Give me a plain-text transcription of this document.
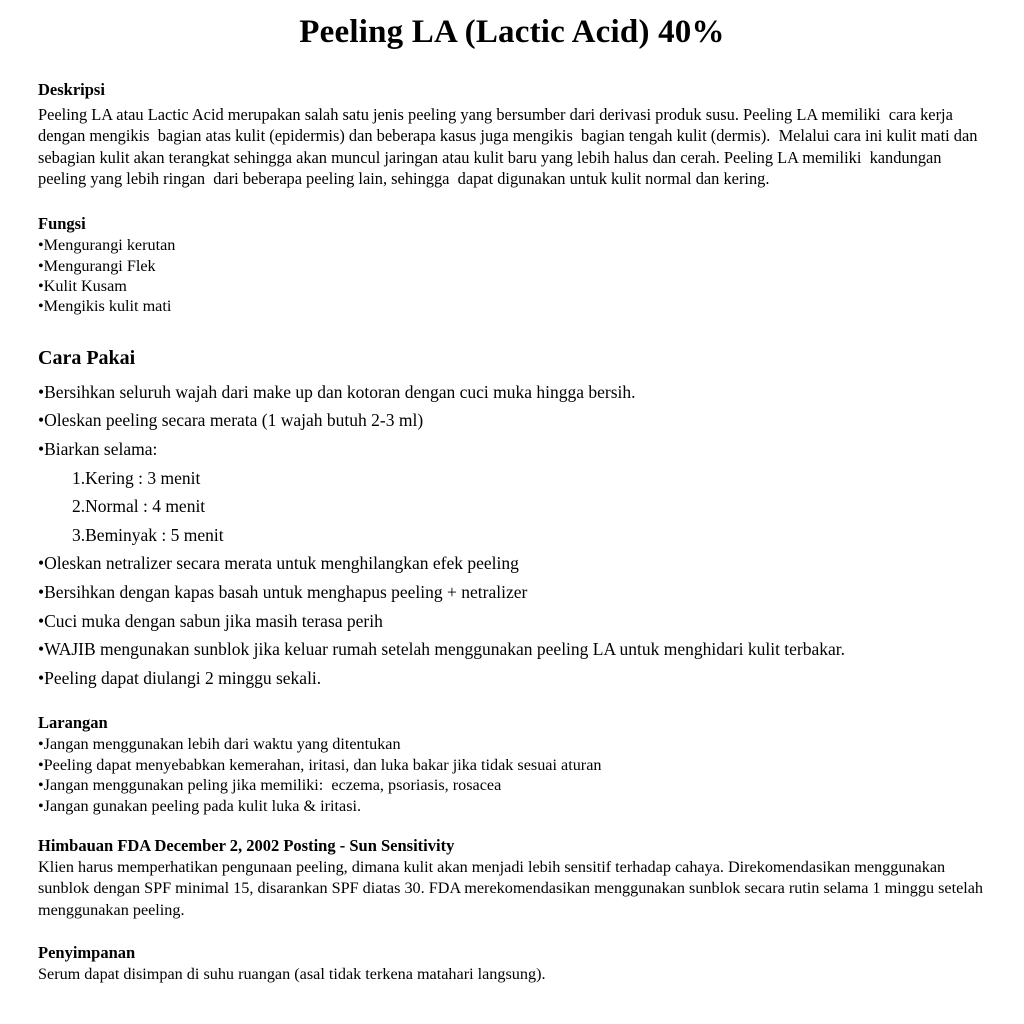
Peeling LA (Lactic Acid) 40%
Deskripsi

Peeling LA atau Lactic Acid merupakan salah satu jenis peeling yang bersumber dari derivasi produk susu. Peeling LA memiliki  cara kerja dengan mengikis  bagian atas kulit (epidermis) dan beberapa kasus juga mengikis  bagian tengah kulit (dermis).  Melalui cara ini kulit mati dan sebagian kulit akan terangkat sehingga akan muncul jaringan atau kulit baru yang lebih halus dan cerah. Peeling LA memiliki  kandungan peeling yang lebih ringan  dari beberapa peeling lain, sehingga  dapat digunakan untuk kulit normal dan kering.

Fungsi
•Mengurangi kerutan
•Mengurangi Flek
•Kulit Kusam
•Mengikis kulit mati
Cara Pakai
•Bersihkan seluruh wajah dari make up dan kotoran dengan cuci muka hingga bersih.
•Oleskan peeling secara merata (1 wajah butuh 2-3 ml)
•Biarkan selama:
1.Kering : 3 menit
2.Normal : 4 menit
3.Beminyak : 5 menit
•Oleskan netralizer secara merata untuk menghilangkan efek peeling
•Bersihkan dengan kapas basah untuk menghapus peeling + netralizer
•Cuci muka dengan sabun jika masih terasa perih
•WAJIB mengunakan sunblok jika keluar rumah setelah menggunakan peeling LA untuk menghidari kulit terbakar.
•Peeling dapat diulangi 2 minggu sekali.
Larangan
•Jangan menggunakan lebih dari waktu yang ditentukan
•Peeling dapat menyebabkan kemerahan, iritasi, dan luka bakar jika tidak sesuai aturan
•Jangan menggunakan peling jika memiliki:  eczema, psoriasis, rosacea
•Jangan gunakan peeling pada kulit luka & iritasi.
Himbauan FDA December 2, 2002 Posting - Sun Sensitivity

Klien harus memperhatikan pengunaan peeling, dimana kulit akan menjadi lebih sensitif terhadap cahaya. Direkomendasikan menggunakan sunblok dengan SPF minimal 15, disarankan SPF diatas 30. FDA merekomendasikan menggunakan sunblok secara rutin selama 1 minggu setelah menggunakan peeling.

Penyimpanan

Serum dapat disimpan di suhu ruangan (asal tidak terkena matahari langsung).
